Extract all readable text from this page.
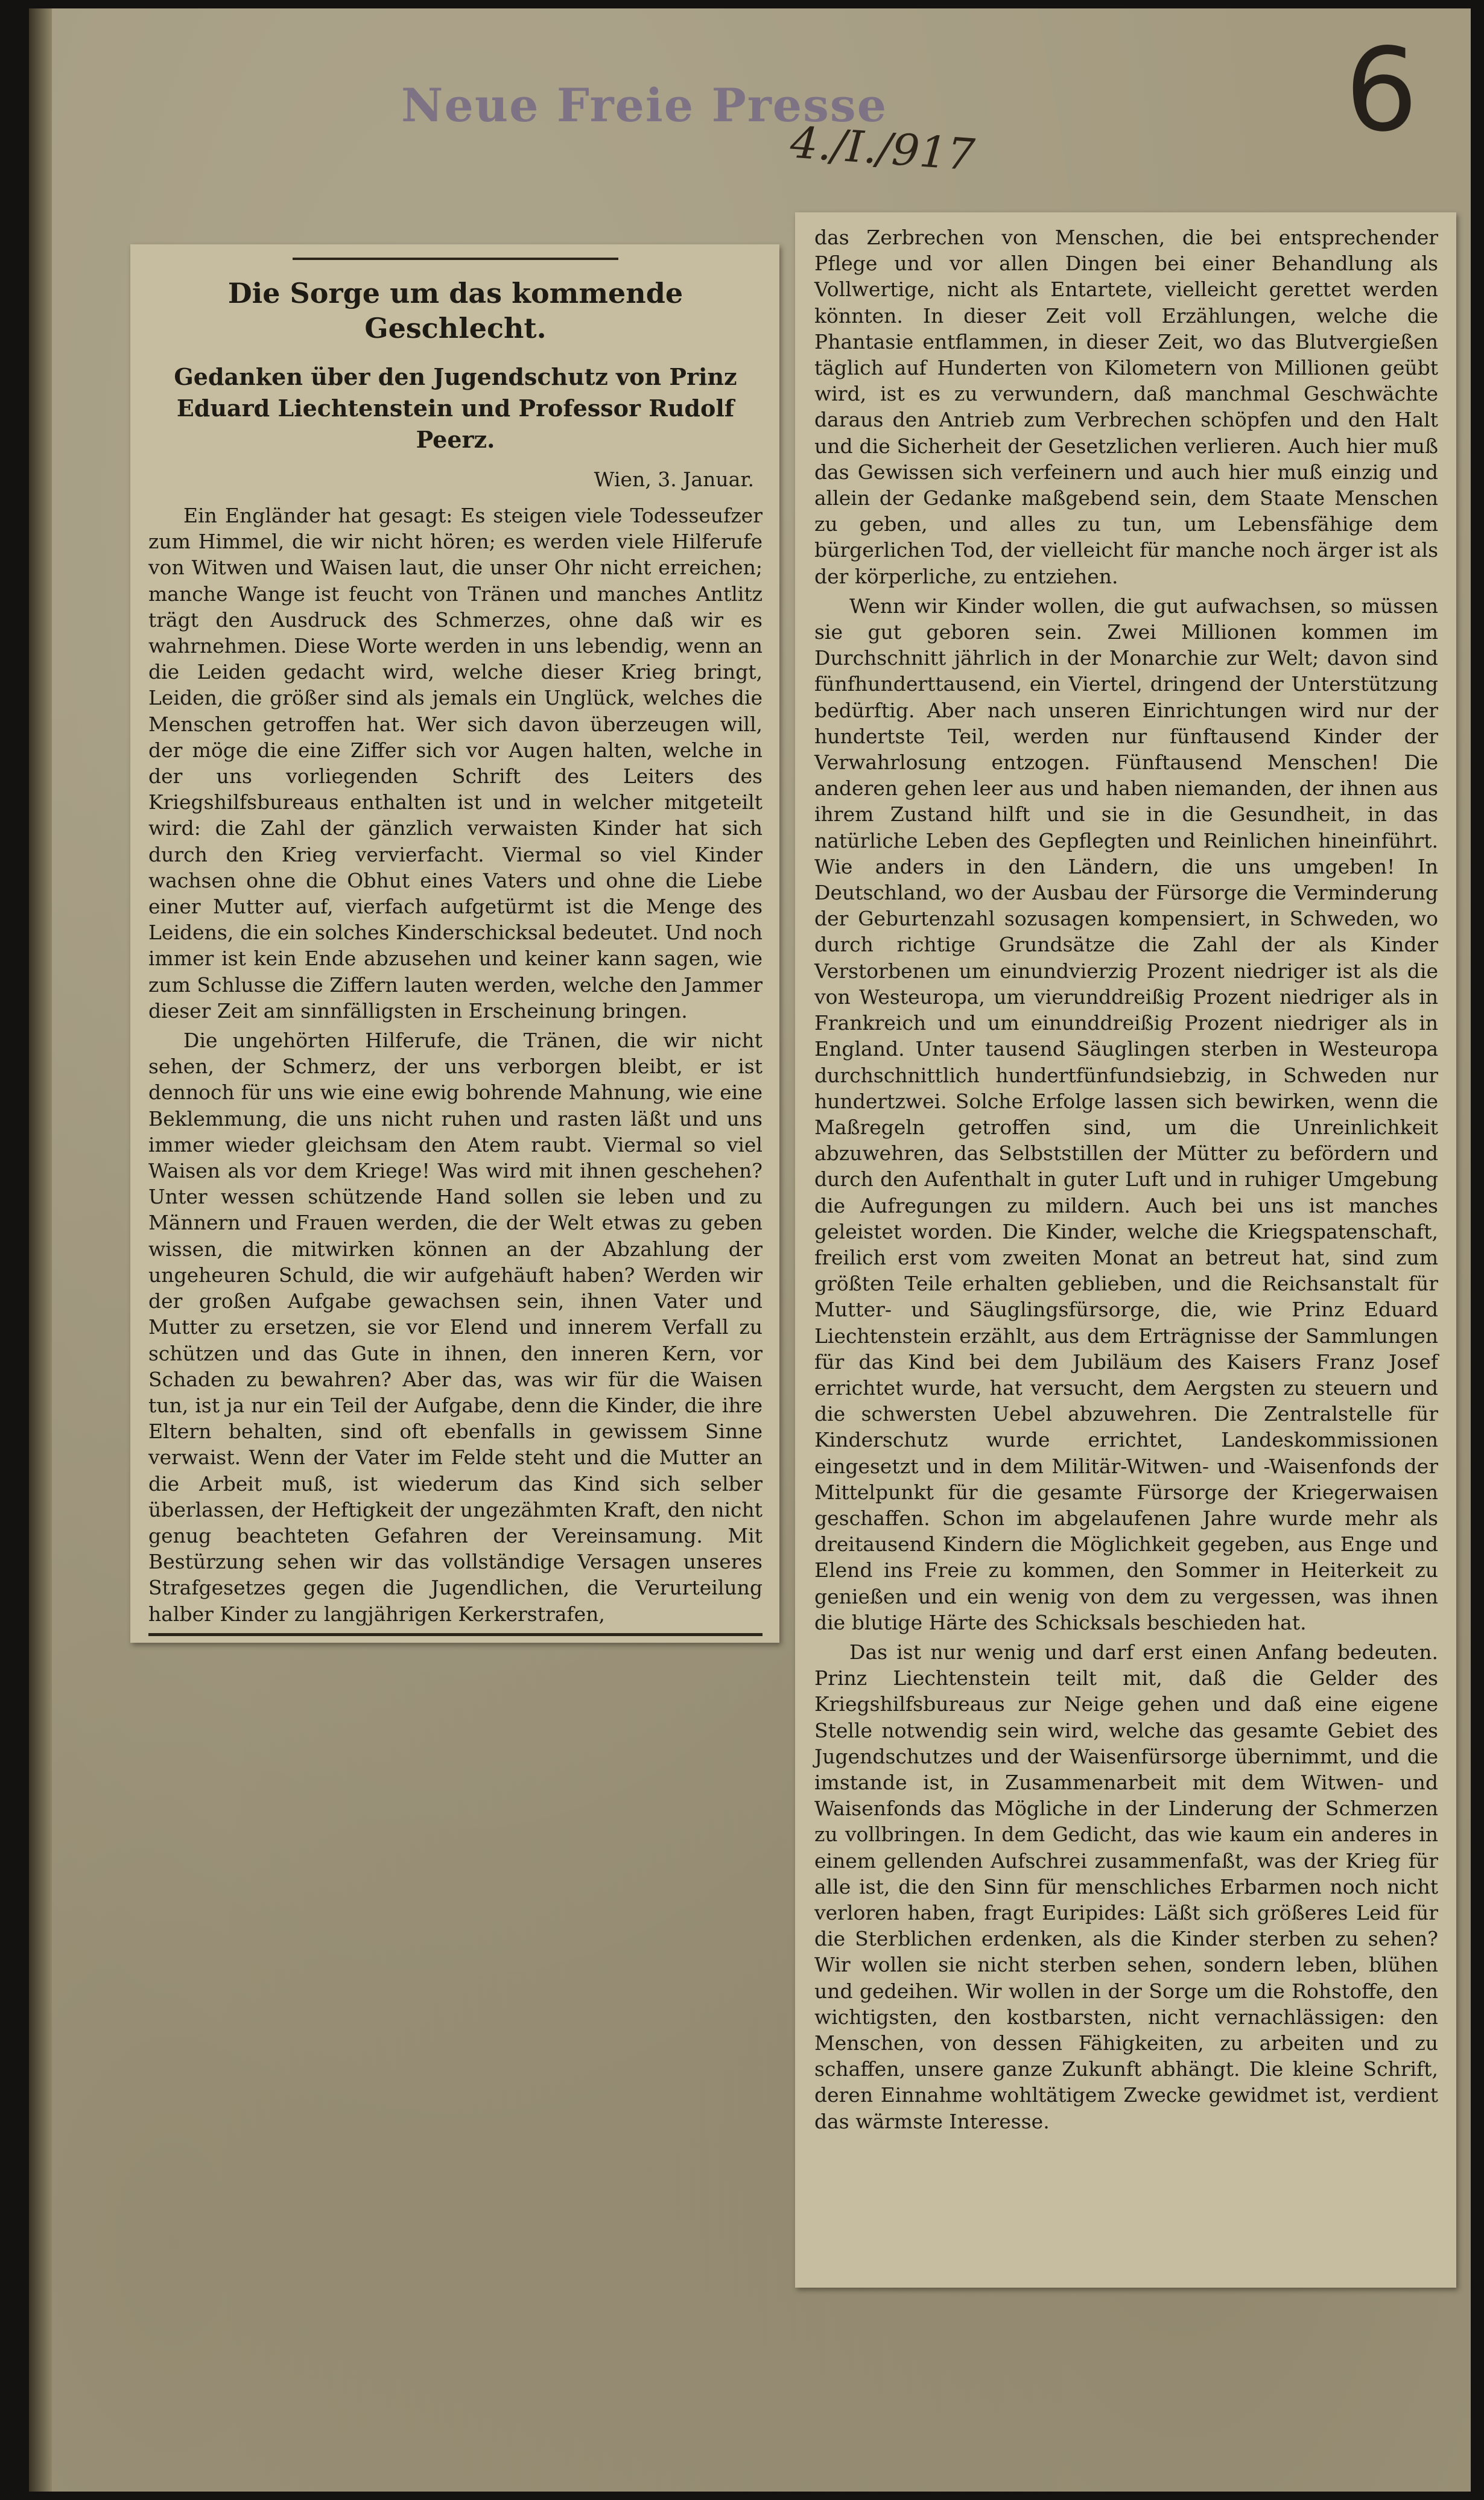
Neue Freie Presse
4./I./917	6
Die Sorge um das kommende Geschlecht.
Gedanken über den Jugendschutz von Prinz Eduard Liechtenstein und Professor Rudolf Peerz.
Wien, 3. Januar.

Ein Engländer hat gesagt: Es steigen viele Todesseufzer zum Himmel, die wir nicht hören; es werden viele Hilferufe von Witwen und Waisen laut, die unser Ohr nicht erreichen; manche Wange ist feucht von Tränen und manches Antlitz trägt den Ausdruck des Schmerzes, ohne daß wir es wahrnehmen. Diese Worte werden in uns lebendig, wenn an die Leiden gedacht wird, welche dieser Krieg bringt, Leiden, die größer sind als jemals ein Unglück, welches die Menschen getroffen hat. Wer sich davon überzeugen will, der möge die eine Ziffer sich vor Augen halten, welche in der uns vorliegenden Schrift des Leiters des Kriegshilfsbureaus enthalten ist und in welcher mitgeteilt wird: die Zahl der gänzlich verwaisten Kinder hat sich durch den Krieg vervierfacht. Viermal so viel Kinder wachsen ohne die Obhut eines Vaters und ohne die Liebe einer Mutter auf, vierfach aufgetürmt ist die Menge des Leidens, die ein solches Kinderschicksal bedeutet. Und noch immer ist kein Ende abzusehen und keiner kann sagen, wie zum Schlusse die Ziffern lauten werden, welche den Jammer dieser Zeit am sinnfälligsten in Erscheinung bringen.

Die ungehörten Hilferufe, die Tränen, die wir nicht sehen, der Schmerz, der uns verborgen bleibt, er ist dennoch für uns wie eine ewig bohrende Mahnung, wie eine Beklemmung, die uns nicht ruhen und rasten läßt und uns immer wieder gleichsam den Atem raubt. Viermal so viel Waisen als vor dem Kriege! Was wird mit ihnen geschehen? Unter wessen schützende Hand sollen sie leben und zu Männern und Frauen werden, die der Welt etwas zu geben wissen, die mitwirken können an der Abzahlung der ungeheuren Schuld, die wir aufgehäuft haben? Werden wir der großen Aufgabe gewachsen sein, ihnen Vater und Mutter zu ersetzen, sie vor Elend und innerem Verfall zu schützen und das Gute in ihnen, den inneren Kern, vor Schaden zu bewahren? Aber das, was wir für die Waisen tun, ist ja nur ein Teil der Aufgabe, denn die Kinder, die ihre Eltern behalten, sind oft ebenfalls in gewissem Sinne verwaist. Wenn der Vater im Felde steht und die Mutter an die Arbeit muß, ist wiederum das Kind sich selber überlassen, der Heftigkeit der ungezähmten Kraft, den nicht genug beachteten Gefahren der Vereinsamung. Mit Bestürzung sehen wir das vollständige Versagen unseres Strafgesetzes gegen die Jugendlichen, die Verurteilung halber Kinder zu langjährigen Kerkerstrafen,

das Zerbrechen von Menschen, die bei entsprechender Pflege und vor allen Dingen bei einer Behandlung als Vollwertige, nicht als Entartete, vielleicht gerettet werden könnten. In dieser Zeit voll Erzählungen, welche die Phantasie entflammen, in dieser Zeit, wo das Blutvergießen täglich auf Hunderten von Kilometern von Millionen geübt wird, ist es zu verwundern, daß manchmal Geschwächte daraus den Antrieb zum Verbrechen schöpfen und den Halt und die Sicherheit der Gesetzlichen verlieren. Auch hier muß das Gewissen sich verfeinern und auch hier muß einzig und allein der Gedanke maßgebend sein, dem Staate Menschen zu geben, und alles zu tun, um Lebensfähige dem bürgerlichen Tod, der vielleicht für manche noch ärger ist als der körperliche, zu entziehen.

Wenn wir Kinder wollen, die gut aufwachsen, so müssen sie gut geboren sein. Zwei Millionen kommen im Durchschnitt jährlich in der Monarchie zur Welt; davon sind fünfhunderttausend, ein Viertel, dringend der Unterstützung bedürftig. Aber nach unseren Einrichtungen wird nur der hundertste Teil, werden nur fünftausend Kinder der Verwahrlosung entzogen. Fünftausend Menschen! Die anderen gehen leer aus und haben niemanden, der ihnen aus ihrem Zustand hilft und sie in die Gesundheit, in das natürliche Leben des Gepflegten und Reinlichen hineinführt. Wie anders in den Ländern, die uns umgeben! In Deutschland, wo der Ausbau der Fürsorge die Verminderung der Geburtenzahl sozusagen kompensiert, in Schweden, wo durch richtige Grundsätze die Zahl der als Kinder Verstorbenen um einundvierzig Prozent niedriger ist als die von Westeuropa, um vierunddreißig Prozent niedriger als in Frankreich und um einunddreißig Prozent niedriger als in England. Unter tausend Säuglingen sterben in Westeuropa durchschnittlich hundertfünfundsiebzig, in Schweden nur hundertzwei. Solche Erfolge lassen sich bewirken, wenn die Maßregeln getroffen sind, um die Unreinlichkeit abzuwehren, das Selbststillen der Mütter zu befördern und durch den Aufenthalt in guter Luft und in ruhiger Umgebung die Aufregungen zu mildern. Auch bei uns ist manches geleistet worden. Die Kinder, welche die Kriegspatenschaft, freilich erst vom zweiten Monat an betreut hat, sind zum größten Teile erhalten geblieben, und die Reichsanstalt für Mutter- und Säuglingsfürsorge, die, wie Prinz Eduard Liechtenstein erzählt, aus dem Erträgnisse der Sammlungen für das Kind bei dem Jubiläum des Kaisers Franz Josef errichtet wurde, hat versucht, dem Aergsten zu steuern und die schwersten Uebel abzuwehren. Die Zentralstelle für Kinderschutz wurde errichtet, Landeskommissionen eingesetzt und in dem Militär-Witwen- und -Waisenfonds der Mittelpunkt für die gesamte Fürsorge der Kriegerwaisen geschaffen. Schon im abgelaufenen Jahre wurde mehr als dreitausend Kindern die Möglichkeit gegeben, aus Enge und Elend ins Freie zu kommen, den Sommer in Heiterkeit zu genießen und ein wenig von dem zu vergessen, was ihnen die blutige Härte des Schicksals beschieden hat.

Das ist nur wenig und darf erst einen Anfang bedeuten. Prinz Liechtenstein teilt mit, daß die Gelder des Kriegshilfsbureaus zur Neige gehen und daß eine eigene Stelle notwendig sein wird, welche das gesamte Gebiet des Jugendschutzes und der Waisenfürsorge übernimmt, und die imstande ist, in Zusammenarbeit mit dem Witwen- und Waisenfonds das Mögliche in der Linderung der Schmerzen zu vollbringen. In dem Gedicht, das wie kaum ein anderes in einem gellenden Aufschrei zusammenfaßt, was der Krieg für alle ist, die den Sinn für menschliches Erbarmen noch nicht verloren haben, fragt Euripides: Läßt sich größeres Leid für die Sterblichen erdenken, als die Kinder sterben zu sehen? Wir wollen sie nicht sterben sehen, sondern leben, blühen und gedeihen. Wir wollen in der Sorge um die Rohstoffe, den wichtigsten, den kostbarsten, nicht vernachlässigen: den Menschen, von dessen Fähigkeiten, zu arbeiten und zu schaffen, unsere ganze Zukunft abhängt. Die kleine Schrift, deren Einnahme wohltätigem Zwecke gewidmet ist, verdient das wärmste Interesse.
